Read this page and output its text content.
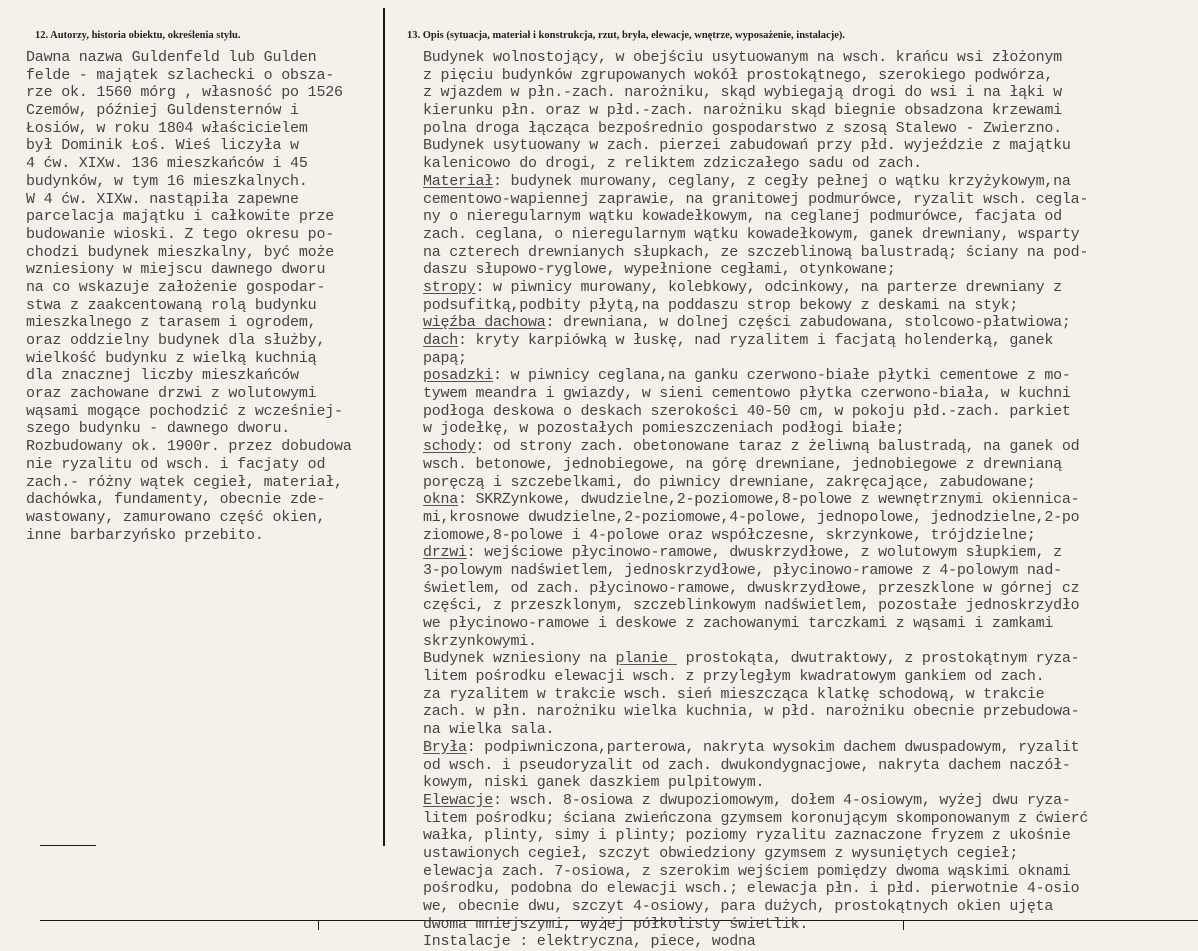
12. Autorzy, historia obiektu, określenia stylu.	13. Opis (sytuacja, materiał i konstrukcja, rzut, bryła, elewacje, wnętrze, wyposażenie, instalacje).
Dawna nazwa Guldenfeld lub Gulden
felde - majątek szlachecki o obsza-
rze ok. 1560 mórg , własność po 1526
Czemów, później Guldensternów i
Łosiów, w roku 1804 właścicielem
był Dominik Łoś. Wieś liczyła w
4 ćw. XIXw. 136 mieszkańców i 45
budynków, w tym 16 mieszkalnych.
W 4 ćw. XIXw. nastąpiła zapewne
parcelacja majątku i całkowite prze
budowanie wioski. Z tego okresu po-
chodzi budynek mieszkalny, być może
wzniesiony w miejscu dawnego dworu
na co wskazuje założenie gospodar-
stwa z zaakcentowaną rolą budynku
mieszkalnego z tarasem i ogrodem,
oraz oddzielny budynek dla służby,
wielkość budynku z wielką kuchnią
dla znacznej liczby mieszkańców
oraz zachowane drzwi z wolutowymi
wąsami mogące pochodzić z wcześniej-
szego budynku - dawnego dworu.
Rozbudowany ok. 1900r. przez dobudowa
nie ryzalitu od wsch. i facjaty od
zach.- różny wątek cegieł, materiał,
dachówka, fundamenty, obecnie zde-
wastowany, zamurowano część okien,
inne barbarzyńsko przebito.
Budynek wolnostojący, w obejściu usytuowanym na wsch. krańcu wsi złożonym
z pięciu budynków zgrupowanych wokół prostokątnego, szerokiego podwórza,
z wjazdem w płn.-zach. narożniku, skąd wybiegają drogi do wsi i na łąki w
kierunku płn. oraz w płd.-zach. narożniku skąd biegnie obsadzona krzewami
polna droga łącząca bezpośrednio gospodarstwo z szosą Stalewo - Zwierzno.
Budynek usytuowany w zach. pierzei zabudowań przy płd. wyjeździe z majątku
kalenicowo do drogi, z reliktem zdziczałego sadu od zach.
Materiał: budynek murowany, ceglany, z cegły pełnej o wątku krzyżykowym,na
cementowo-wapiennej zaprawie, na granitowej podmurówce, ryzalit wsch. cegla-
ny o nieregularnym wątku kowadełkowym, na ceglanej podmurówce, facjata od
zach. ceglana, o nieregularnym wątku kowadełkowym, ganek drewniany, wsparty
na czterech drewnianych słupkach, ze szczeblinową balustradą; ściany na pod-
daszu słupowo-ryglowe, wypełnione cegłami, otynkowane;
stropy: w piwnicy murowany, kolebkowy, odcinkowy, na parterze drewniany z
podsufitką,podbity płytą,na poddaszu strop bekowy z deskami na styk;
więźba dachowa: drewniana, w dolnej części zabudowana, stolcowo-płatwiowa;
dach: kryty karpiówką w łuskę, nad ryzalitem i facjatą holenderką, ganek
papą;
posadzki: w piwnicy ceglana,na ganku czerwono-białe płytki cementowe z mo-
tywem meandra i gwiazdy, w sieni cementowo płytka czerwono-biała, w kuchni
podłoga deskowa o deskach szerokości 40-50 cm, w pokoju płd.-zach. parkiet
w jodełkę, w pozostałych pomieszczeniach podłogi białe;
schody: od strony zach. obetonowane taraz z żeliwną balustradą, na ganek od
wsch. betonowe, jednobiegowe, na górę drewniane, jednobiegowe z drewnianą
poręczą i szczebelkami, do piwnicy drewniane, zakręcające, zabudowane;
okna: SKRZynkowe, dwudzielne,2-poziomowe,8-polowe z wewnętrznymi okiennica-
mi,krosnowe dwudzielne,2-poziomowe,4-polowe, jednopolowe, jednodzielne,2-po
ziomowe,8-polowe i 4-polowe oraz współczesne, skrzynkowe, trójdzielne;
drzwi: wejściowe płycinowo-ramowe, dwuskrzydłowe, z wolutowym słupkiem, z
3-polowym nadświetlem, jednoskrzydłowe, płycinowo-ramowe z 4-polowym nad-
świetlem, od zach. płycinowo-ramowe, dwuskrzydłowe, przeszklone w górnej cz
części, z przeszklonym, szczeblinkowym nadświetlem, pozostałe jednoskrzydło
we płycinowo-ramowe i deskowe z zachowanymi tarczkami z wąsami i zamkami
skrzynkowymi.
Budynek wzniesiony na planie  prostokąta, dwutraktowy, z prostokątnym ryza-
litem pośrodku elewacji wsch. z przyległym kwadratowym gankiem od zach.
za ryzalitem w trakcie wsch. sień mieszcząca klatkę schodową, w trakcie
zach. w płn. narożniku wielka kuchnia, w płd. narożniku obecnie przebudowa-
na wielka sala.
Bryła: podpiwniczona,parterowa, nakryta wysokim dachem dwuspadowym, ryzalit
od wsch. i pseudoryzalit od zach. dwukondygnacjowe, nakryta dachem naczół-
kowym, niski ganek daszkiem pulpitowym.
Elewacje: wsch. 8-osiowa z dwupoziomowym, dołem 4-osiowym, wyżej dwu ryza-
litem pośrodku; ściana zwieńczona gzymsem koronującym skomponowanym z ćwierć
wałka, plinty, simy i plinty; poziomy ryzalitu zaznaczone fryzem z ukośnie
ustawionych cegieł, szczyt obwiedziony gzymsem z wysuniętych cegieł;
elewacja zach. 7-osiowa, z szerokim wejściem pomiędzy dwoma wąskimi oknami
pośrodku, podobna do elewacji wsch.; elewacja płn. i płd. pierwotnie 4-osio
we, obecnie dwu, szczyt 4-osiowy, para dużych, prostokątnych okien ujęta
dwoma mniejszymi, wyżej półkolisty świetlik.
Instalacje : elektryczna, piece, wodna
